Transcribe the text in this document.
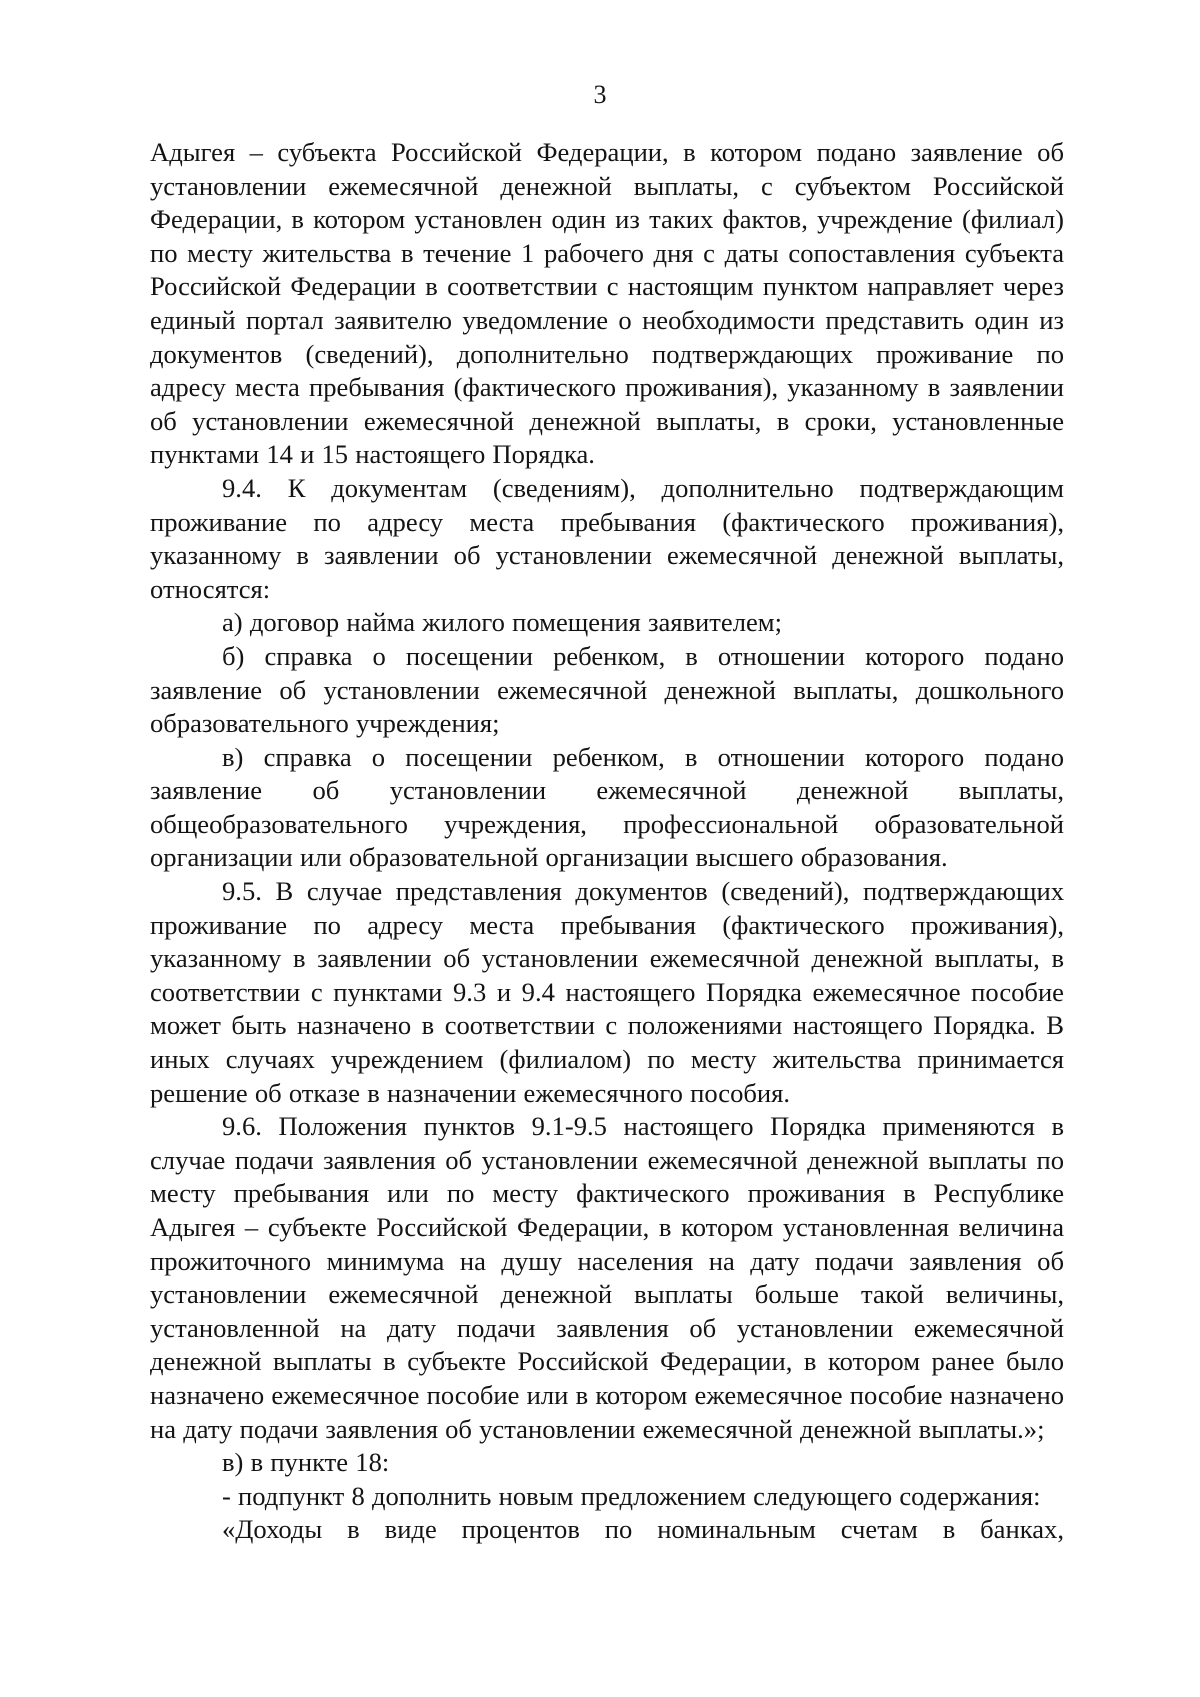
3

Адыгея – субъекта Российской Федерации, в котором подано заявление об установлении ежемесячной денежной выплаты, с субъектом Российской Федерации, в котором установлен один из таких фактов, учреждение (филиал) по месту жительства в течение 1 рабочего дня с даты сопоставления субъекта Российской Федерации в соответствии с настоящим пунктом направляет через единый портал заявителю уведомление о необходимости представить один из документов (сведений), дополнительно подтверждающих проживание по адресу места пребывания (фактического проживания), указанному в заявлении об установлении ежемесячной денежной выплаты, в сроки, установленные пунктами 14 и 15 настоящего Порядка.

9.4. К документам (сведениям), дополнительно подтверждающим проживание по адресу места пребывания (фактического проживания), указанному в заявлении об установлении ежемесячной денежной выплаты, относятся:

а) договор найма жилого помещения заявителем;

б) справка о посещении ребенком, в отношении которого подано заявление об установлении ежемесячной денежной выплаты, дошкольного образовательного учреждения;

в) справка о посещении ребенком, в отношении которого подано заявление об установлении ежемесячной денежной выплаты, общеобразовательного учреждения, профессиональной образовательной организации или образовательной организации высшего образования.

9.5. В случае представления документов (сведений), подтверждающих проживание по адресу места пребывания (фактического проживания), указанному в заявлении об установлении ежемесячной денежной выплаты, в соответствии с пунктами 9.3 и 9.4 настоящего Порядка ежемесячное пособие может быть назначено в соответствии с положениями настоящего Порядка. В иных случаях учреждением (филиалом) по месту жительства принимается решение об отказе в назначении ежемесячного пособия.

9.6. Положения пунктов 9.1-9.5 настоящего Порядка применяются в случае подачи заявления об установлении ежемесячной денежной выплаты по месту пребывания или по месту фактического проживания в Республике Адыгея – субъекте Российской Федерации, в котором установленная величина прожиточного минимума на душу населения на дату подачи заявления об установлении ежемесячной денежной выплаты больше такой величины, установленной на дату подачи заявления об установлении ежемесячной денежной выплаты в субъекте Российской Федерации, в котором ранее было назначено ежемесячное пособие или в котором ежемесячное пособие назначено на дату подачи заявления об установлении ежемесячной денежной выплаты.»;

в) в пункте 18:

- подпункт 8 дополнить новым предложением следующего содержания:

«Доходы в виде процентов по номинальным счетам в банках,
